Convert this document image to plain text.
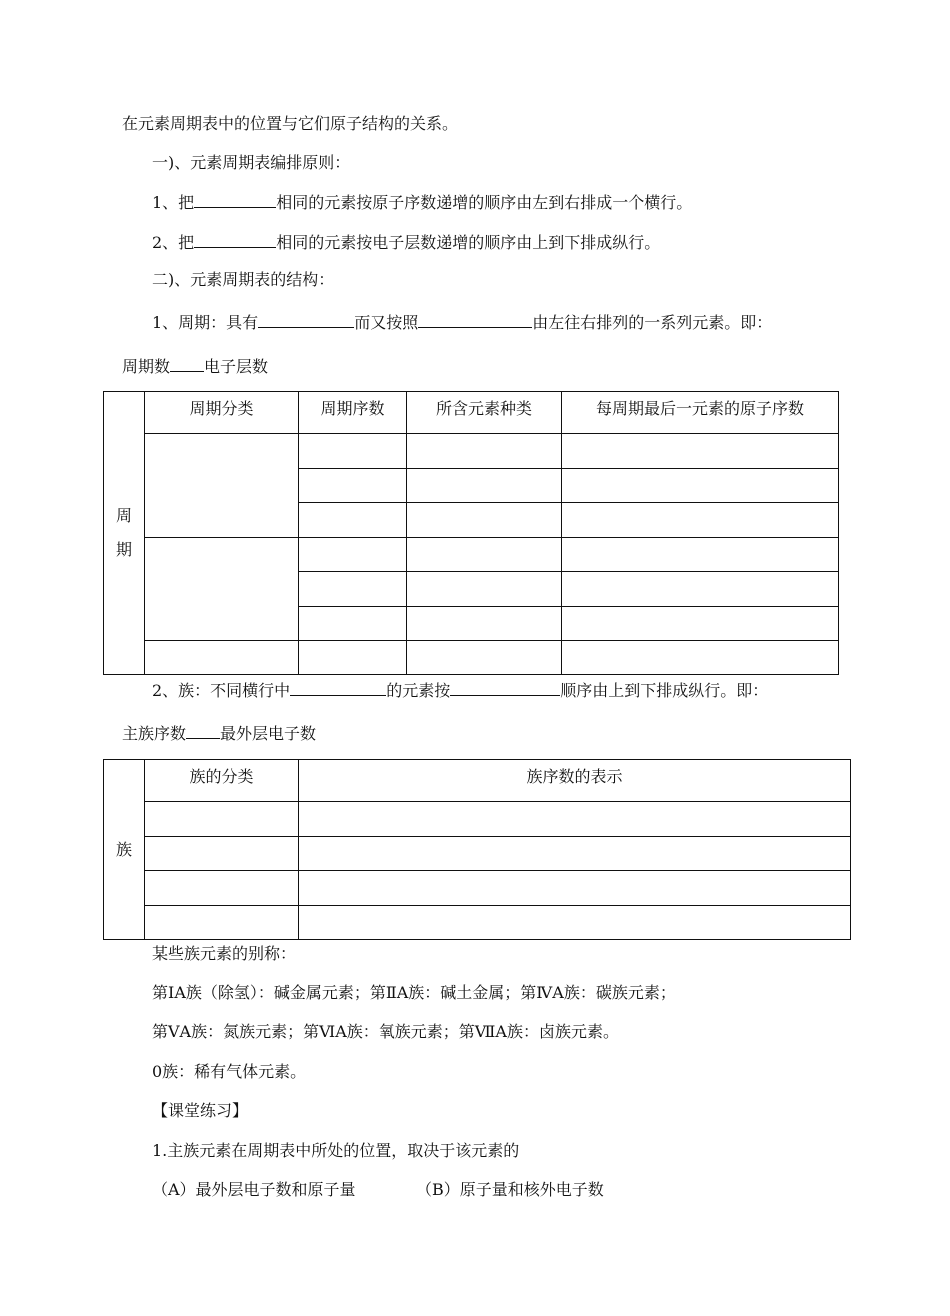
在元素周期表中的位置与它们原子结构的关系。
一)、元素周期表编排原则：
1、把	相同的元素按原子序数递增的顺序由左到右排成一个横行。
2、把	相同的元素按电子层数递增的顺序由上到下排成纵行。
二)、元素周期表的结构：
1、周期：具有	而又按照	由左往右排列的一系列元素。即：
周期数 电子层数
周期	周期分类	周期序数	所含元素种类	每周期最后一元素的原子序数

2、族：不同横行中	的元素按	顺序由上到下排成纵行。即：
主族序数 最外层电子数
族	族的分类	族序数的表示

某些族元素的别称：
第ⅠA族（除氢）：碱金属元素；第ⅡA族：碱土金属；第ⅣA族：碳族元素；
第ⅤA族：氮族元素；第ⅥA族：氧族元素；第ⅦA族：卤族元素。
0族：稀有气体元素。
【课堂练习】
1.主族元素在周期表中所处的位置，取决于该元素的
（A）最外层电子数和原子量	（B）原子量和核外电子数
